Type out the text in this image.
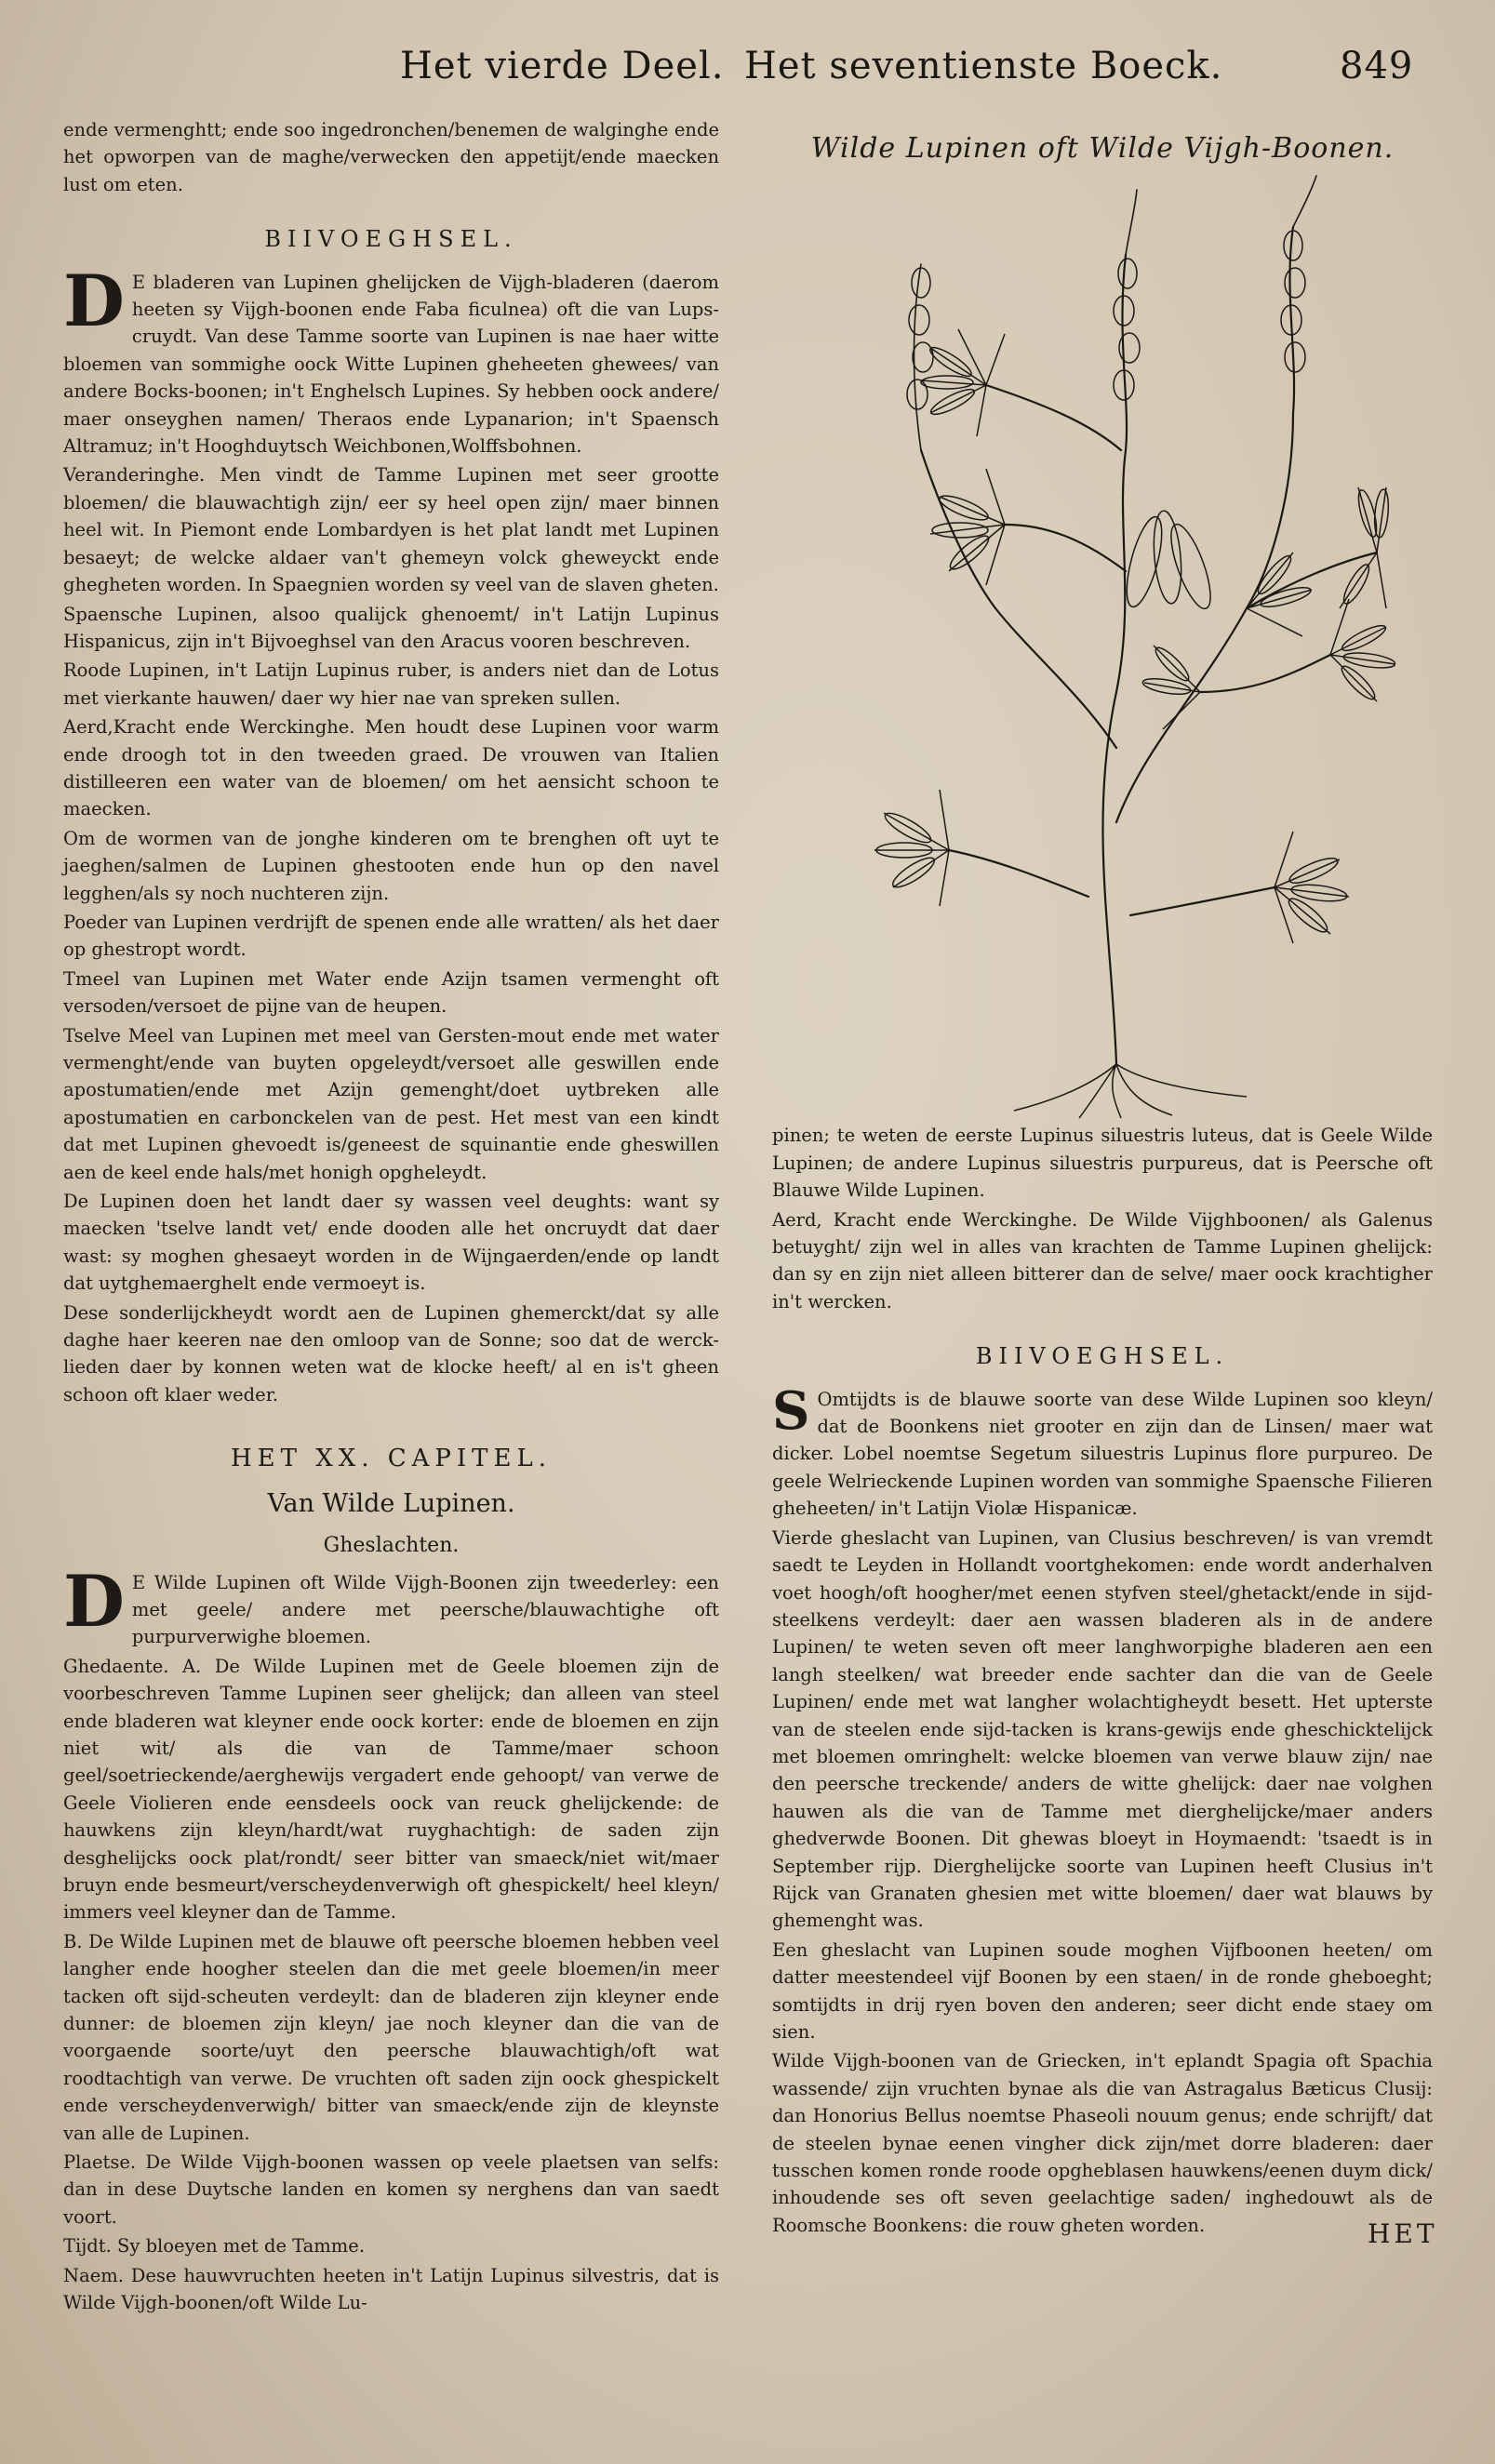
Het vierde Deel. Het seventienste Boeck.	849

ende vermenghtt; ende soo ingedronchen/benemen de walginghe ende het opworpen van de maghe/verwecken den appetijt/ende maecken lust om eten.

BIIVOEGHSEL.

D E bladeren van Lupinen ghelijcken de Vijgh-bladeren (daerom heeten sy Vijgh-boonen ende Faba ficulnea) oft die van Lups-cruydt. Van dese Tamme soorte van Lupinen is nae haer witte bloemen van sommighe oock Witte Lupinen gheheeten ghewees/ van andere Bocks-boonen; in't Enghelsch Lupines. Sy hebben oock andere/ maer onseyghen namen/ Theraos ende Lypanarion; in't Spaensch Altramuz; in't Hooghduytsch Weichbonen,Wolffsbohnen.

Veranderinghe. Men vindt de Tamme Lupinen met seer grootte bloemen/ die blauwachtigh zijn/ eer sy heel open zijn/ maer binnen heel wit. In Piemont ende Lombardyen is het plat landt met Lupinen besaeyt; de welcke aldaer van't ghemeyn volck gheweyckt ende ghegheten worden. In Spaegnien worden sy veel van de slaven gheten.

Spaensche Lupinen, alsoo qualijck ghenoemt/ in't Latijn Lupinus Hispanicus, zijn in't Bijvoeghsel van den Aracus vooren beschreven.

Roode Lupinen, in't Latijn Lupinus ruber, is anders niet dan de Lotus met vierkante hauwen/ daer wy hier nae van spreken sullen.

Aerd,Kracht ende Werckinghe. Men houdt dese Lupinen voor warm ende droogh tot in den tweeden graed. De vrouwen van Italien distilleeren een water van de bloemen/ om het aensicht schoon te maecken.

Om de wormen van de jonghe kinderen om te brenghen oft uyt te jaeghen/salmen de Lupinen ghestooten ende hun op den navel legghen/als sy noch nuchteren zijn.

Poeder van Lupinen verdrijft de spenen ende alle wratten/ als het daer op ghestropt wordt.

Tmeel van Lupinen met Water ende Azijn tsamen vermenght oft versoden/versoet de pijne van de heupen.

Tselve Meel van Lupinen met meel van Gersten-mout ende met water vermenght/ende van buyten opgeleydt/versoet alle geswillen ende apostumatien/ende met Azijn gemenght/doet uytbreken alle apostumatien en carbonckelen van de pest. Het mest van een kindt dat met Lupinen ghevoedt is/geneest de squinantie ende gheswillen aen de keel ende hals/met honigh opgheleydt.

De Lupinen doen het landt daer sy wassen veel deughts: want sy maecken 'tselve landt vet/ ende dooden alle het oncruydt dat daer wast: sy moghen ghesaeyt worden in de Wijngaerden/ende op landt dat uytghemaerghelt ende vermoeyt is.

Dese sonderlijckheydt wordt aen de Lupinen ghemerckt/dat sy alle daghe haer keeren nae den omloop van de Sonne; soo dat de werck-lieden daer by konnen weten wat de klocke heeft/ al en is't gheen schoon oft klaer weder.

HET XX. CAPITEL.
Van Wilde Lupinen.
Gheslachten.

D E Wilde Lupinen oft Wilde Vijgh-Boonen zijn tweederley: een met geele/ andere met peersche/blauwachtighe oft purpurverwighe bloemen.

Ghedaente. A. De Wilde Lupinen met de Geele bloemen zijn de voorbeschreven Tamme Lupinen seer ghelijck; dan alleen van steel ende bladeren wat kleyner ende oock korter: ende de bloemen en zijn niet wit/ als die van de Tamme/maer schoon geel/soetrieckende/aerghewijs vergadert ende gehoopt/ van verwe de Geele Violieren ende eensdeels oock van reuck ghelijckende: de hauwkens zijn kleyn/hardt/wat ruyghachtigh: de saden zijn desghelijcks oock plat/rondt/ seer bitter van smaeck/niet wit/maer bruyn ende besmeurt/verscheydenverwigh oft ghespickelt/ heel kleyn/ immers veel kleyner dan de Tamme.

B. De Wilde Lupinen met de blauwe oft peersche bloemen hebben veel langher ende hoogher steelen dan die met geele bloemen/in meer tacken oft sijd-scheuten verdeylt: dan de bladeren zijn kleyner ende dunner: de bloemen zijn kleyn/ jae noch kleyner dan die van de voorgaende soorte/uyt den peersche blauwachtigh/oft wat roodtachtigh van verwe. De vruchten oft saden zijn oock ghespickelt ende verscheydenverwigh/ bitter van smaeck/ende zijn de kleynste van alle de Lupinen.

Plaetse. De Wilde Vijgh-boonen wassen op veele plaetsen van selfs: dan in dese Duytsche landen en komen sy nerghens dan van saedt voort.

Tijdt. Sy bloeyen met de Tamme.

Naem. Dese hauwvruchten heeten in't Latijn Lupinus silvestris, dat is Wilde Vijgh-boonen/oft Wilde Lu-

Wilde Lupinen oft Wilde Vijgh-Boonen.

pinen; te weten de eerste Lupinus siluestris luteus, dat is Geele Wilde Lupinen; de andere Lupinus siluestris purpureus, dat is Peersche oft Blauwe Wilde Lupinen.

Aerd, Kracht ende Werckinghe. De Wilde Vijghboonen/ als Galenus betuyght/ zijn wel in alles van krachten de Tamme Lupinen ghelijck: dan sy en zijn niet alleen bitterer dan de selve/ maer oock krachtigher in't wercken.

BIIVOEGHSEL.

S Omtijdts is de blauwe soorte van dese Wilde Lupinen soo kleyn/ dat de Boonkens niet grooter en zijn dan de Linsen/ maer wat dicker. Lobel noemtse Segetum siluestris Lupinus flore purpureo. De geele Welrieckende Lupinen worden van sommighe Spaensche Filieren gheheeten/ in't Latijn Violæ Hispanicæ.

Vierde gheslacht van Lupinen, van Clusius beschreven/ is van vremdt saedt te Leyden in Hollandt voortghekomen: ende wordt anderhalven voet hoogh/oft hoogher/met eenen styfven steel/ghetackt/ende in sijd-steelkens verdeylt: daer aen wassen bladeren als in de andere Lupinen/ te weten seven oft meer langhworpighe bladeren aen een langh steelken/ wat breeder ende sachter dan die van de Geele Lupinen/ ende met wat langher wolachtigheydt besett. Het upterste van de steelen ende sijd-tacken is krans-gewijs ende gheschicktelijck met bloemen omringhelt: welcke bloemen van verwe blauw zijn/ nae den peersche treckende/ anders de witte ghelijck: daer nae volghen hauwen als die van de Tamme met dierghelijcke/maer anders ghedverwde Boonen. Dit ghewas bloeyt in Hoymaendt: 'tsaedt is in September rijp. Dierghelijcke soorte van Lupinen heeft Clusius in't Rijck van Granaten ghesien met witte bloemen/ daer wat blauws by ghemenght was.

Een gheslacht van Lupinen soude moghen Vijfboonen heeten/ om datter meestendeel vijf Boonen by een staen/ in de ronde gheboeght; somtijdts in drij ryen boven den anderen; seer dicht ende staey om sien.

Wilde Vijgh-boonen van de Griecken, in't eplandt Spagia oft Spachia wassende/ zijn vruchten bynae als die van Astragalus Bæticus Clusij: dan Honorius Bellus noemtse Phaseoli nouum genus; ende schrijft/ dat de steelen bynae eenen vingher dick zijn/met dorre bladeren: daer tusschen komen ronde roode opgheblasen hauwkens/eenen duym dick/ inhoudende ses oft seven geelachtige saden/ inghedouwt als de Roomsche Boonkens: die rouw gheten worden.	HET
